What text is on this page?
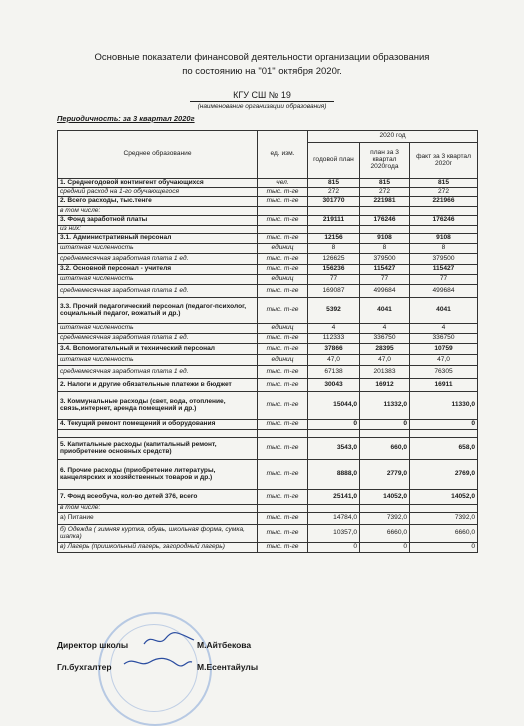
Основные показатели финансовой деятельности организации образования
по состоянию на "01" октября 2020г.
КГУ СШ № 19
(наименование организации образования)
Периодичность: за 3 квартал 2020г
Среднее образование	ед. изм.	2020 год		
		годовой план	план за 3 квартал 2020года	факт за 3 квартал 2020г
1. Среднегодовой контингент обучающихся	чел.	815	815	815
средний расход на 1-го обучающегося	тыс. т-ге	272	272	272
2. Всего расходы, тыс.тенге	тыс. т-ге	301770	221981	221966
в том числе:				
3. Фонд заработной платы	тыс. т-ге	219111	176246	176246
из них:				
3.1. Административный персонал	тыс. т-ге	12156	9108	9108
штатная численность	единиц	8	8	8
среднемесячная заработная плата 1 ед.	тыс. т-ге	126625	379500	379500
3.2. Основной персонал - учителя	тыс. т-ге	156236	115427	115427
штатная численность	единиц	77	77	77
среднемесячная заработная плата 1 ед.	тыс. т-ге	169087	499684	499684
3.3. Прочий педагогический персонал (педагог-психолог, социальный педагог, вожатый и др.)	тыс. т-ге	5392	4041	4041
штатная численность	единиц	4	4	4
среднемесячная заработная плата 1 ед.	тыс. т-ге	112333	336750	336750
3.4. Вспомогательный и технический персонал	тыс. т-ге	37866	28395	10759
штатная численность	единиц	47,0	47,0	47,0
среднемесячная заработная плата 1 ед.	тыс. т-ге	67138	201383	76305
2. Налоги и другие обязательные платежи в бюджет	тыс. т-ге	30043	16912	16911
3. Коммунальные расходы (свет, вода, отопление, связь,интернет, аренда помещений и др.)	тыс. т-ге	15044,0	11332,0	11330,0
4. Текущий ремонт помещений и оборудования	тыс. т-ге	0	0	0

5. Капитальные расходы (капитальный ремонт, приобретение основных средств)	тыс. т-ге	3543,0	660,0	658,0
6. Прочие расходы (приобретение литературы, канцелярских и хозяйственных товаров и др.)	тыс. т-ге	8888,0	2779,0	2769,0
7. Фонд всеобуча, кол-во детей 376, всего	тыс. т-ге	25141,0	14052,0	14052,0
в том числе:				
а) Питание	тыс. т-ге	14784,0	7392,0	7392,0
б) Одежда ( зимняя куртка, обувь, школьная форма, сумка, шапка)	тыс. т-ге	10357,0	6660,0	6660,0
в) Лагерь (пришкольный лагерь, загородный лагерь)	тыс. т-ге	0	0	0
Директор школы	М.Айтбекова
Гл.бухгалтер	М.Есентайулы
